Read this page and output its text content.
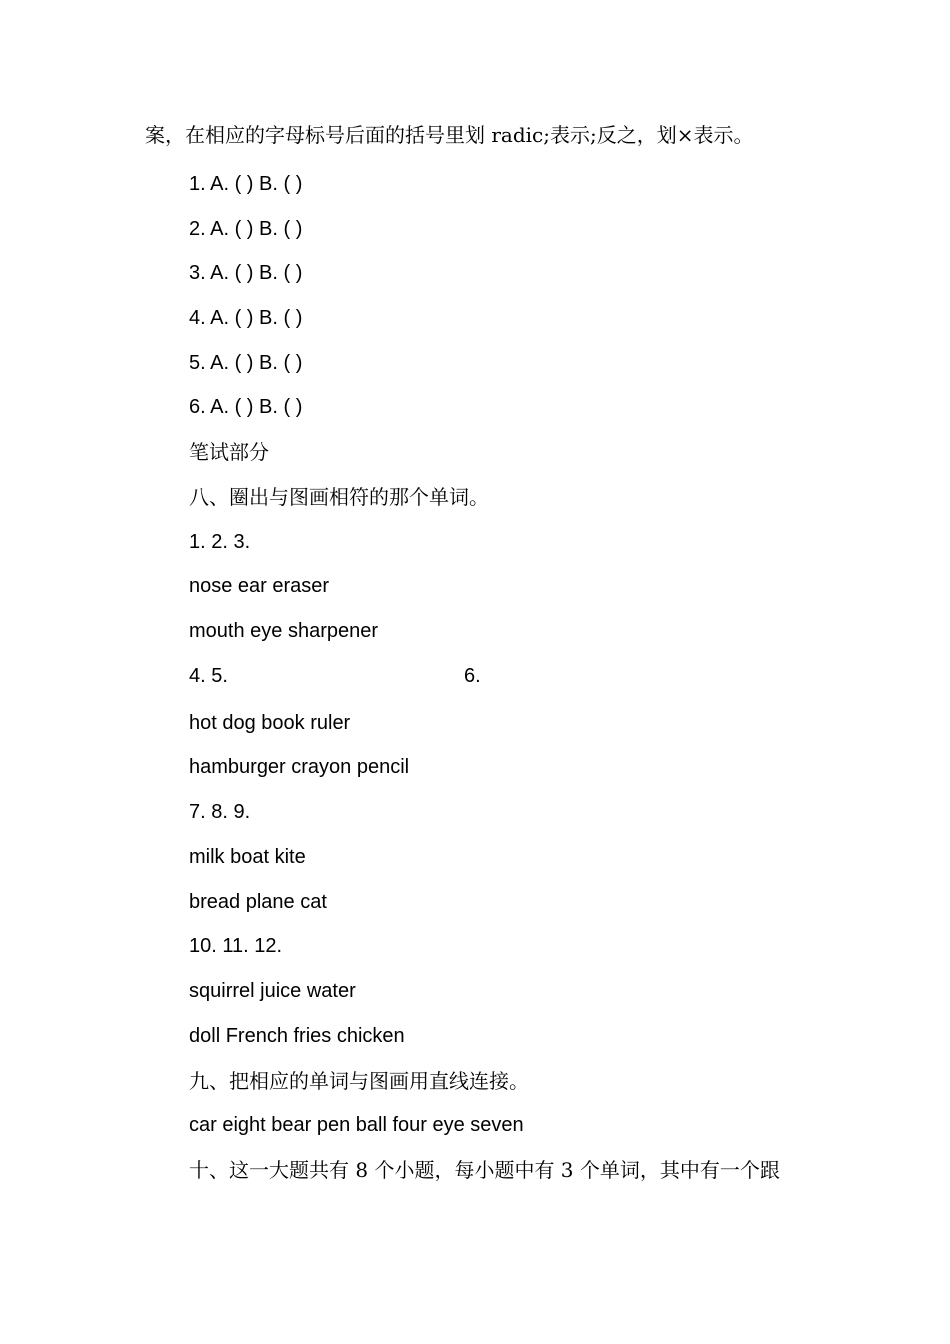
案，在相应的字母标号后面的括号里划 radic;表示;反之，划×表示。
1. A. ( ) B. ( )
2. A. ( ) B. ( )
3. A. ( ) B. ( )
4. A. ( ) B. ( )
5. A. ( ) B. ( )
6. A. ( ) B. ( )
笔试部分
八、圈出与图画相符的那个单词。
1. 2. 3.
nose ear eraser
mouth eye sharpener
4. 5.	6.
hot dog book ruler
hamburger crayon pencil
7. 8. 9.
milk boat kite
bread plane cat
10. 11. 12.
squirrel juice water
doll French fries chicken
九、把相应的单词与图画用直线连接。
car eight bear pen ball four eye seven
十、这一大题共有 8 个小题，每小题中有 3 个单词，其中有一个跟
